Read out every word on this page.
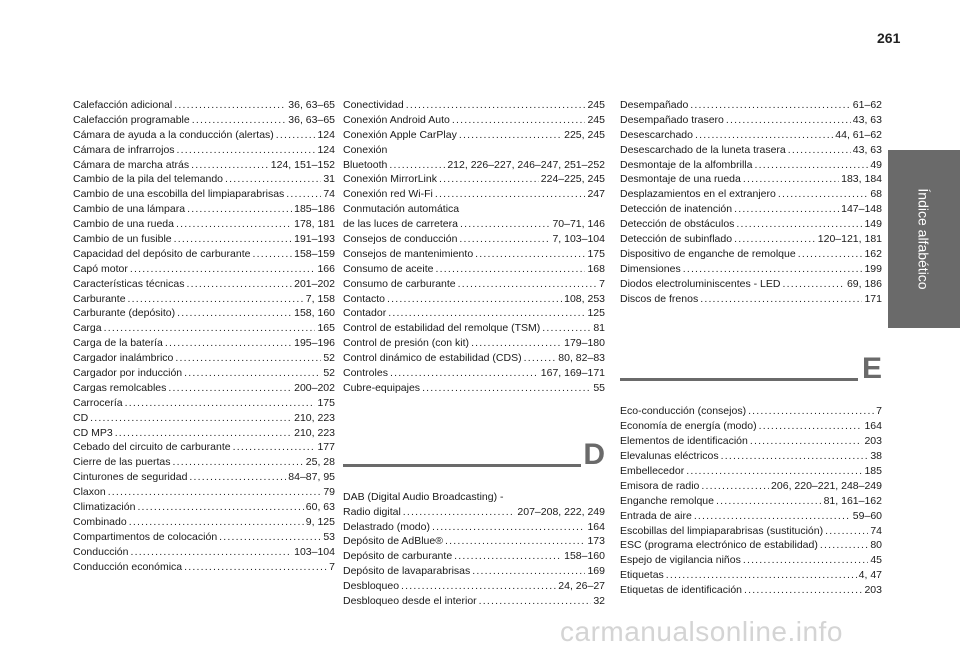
261
Índice alfabético
Calefacción adicional .....	36, 63–65
Calefacción programable .....	36, 63–65
Cámara de ayuda a la conducción (alertas) .....	124
Cámara de infrarrojos .....	124
Cámara de marcha atrás .....	124, 151–152
Cambio de la pila del telemando .....	31
Cambio de una escobilla del limpiaparabrisas .....	74
Cambio de una lámpara .....	185–186
Cambio de una rueda .....	178, 181
Cambio de un fusible .....	191–193
Capacidad del depósito de carburante .....	158–159
Capó motor .....	166
Características técnicas .....	201–202
Carburante .....	7, 158
Carburante (depósito) .....	158, 160
Carga .....	165
Carga de la batería .....	195–196
Cargador inalámbrico .....	52
Cargador por inducción .....	52
Cargas remolcables .....	200–202
Carrocería .....	175
CD .....	210, 223
CD MP3 .....	210, 223
Cebado del circuito de carburante .....	177
Cierre de las puertas .....	25, 28
Cinturones de seguridad .....	84–87, 95
Claxon .....	79
Climatización .....	60, 63
Combinado .....	9, 125
Compartimentos de colocación .....	53
Conducción .....	103–104
Conducción económica .....	7
Conectividad .....	245
Conexión Android Auto .....	245
Conexión Apple CarPlay .....	225, 245
Conexión
Bluetooth .....	212, 226–227, 246–247, 251–252
Conexión MirrorLink .....	224–225, 245
Conexión red Wi-Fi .....	247
Conmutación automática
de las luces de carretera .....	70–71, 146
Consejos de conducción .....	7, 103–104
Consejos de mantenimiento .....	175
Consumo de aceite .....	168
Consumo de carburante .....	7
Contacto .....	108, 253
Contador .....	125
Control de estabilidad del remolque (TSM) .....	81
Control de presión (con kit) .....	179–180
Control dinámico de estabilidad (CDS) .....	80, 82–83
Controles .....	167, 169–171
Cubre-equipajes .....	55
D
DAB (Digital Audio Broadcasting) -
Radio digital .....	207–208, 222, 249
Delastrado (modo) .....	164
Depósito de AdBlue® .....	173
Depósito de carburante .....	158–160
Depósito de lavaparabrisas .....	169
Desbloqueo .....	24, 26–27
Desbloqueo desde el interior .....	32
Desempañado .....	61–62
Desempañado trasero .....	43, 63
Desescarchado .....	44, 61–62
Desescarchado de la luneta trasera .....	43, 63
Desmontaje de la alfombrilla .....	49
Desmontaje de una rueda .....	183, 184
Desplazamientos en el extranjero .....	68
Detección de inatención .....	147–148
Detección de obstáculos .....	149
Detección de subinflado .....	120–121, 181
Dispositivo de enganche de remolque .....	162
Dimensiones .....	199
Diodos electroluminiscentes - LED .....	69, 186
Discos de frenos .....	171
E
Eco-conducción (consejos) .....	7
Economía de energía (modo) .....	164
Elementos de identificación .....	203
Elevalunas eléctricos .....	38
Embellecedor .....	185
Emisora de radio .....	206, 220–221, 248–249
Enganche remolque .....	81, 161–162
Entrada de aire .....	59–60
Escobillas del limpiaparabrisas (sustitución) .....	74
ESC (programa electrónico de estabilidad) .....	80
Espejo de vigilancia niños .....	45
Etiquetas .....	4, 47
Etiquetas de identificación .....	203
carmanualsonline.info
